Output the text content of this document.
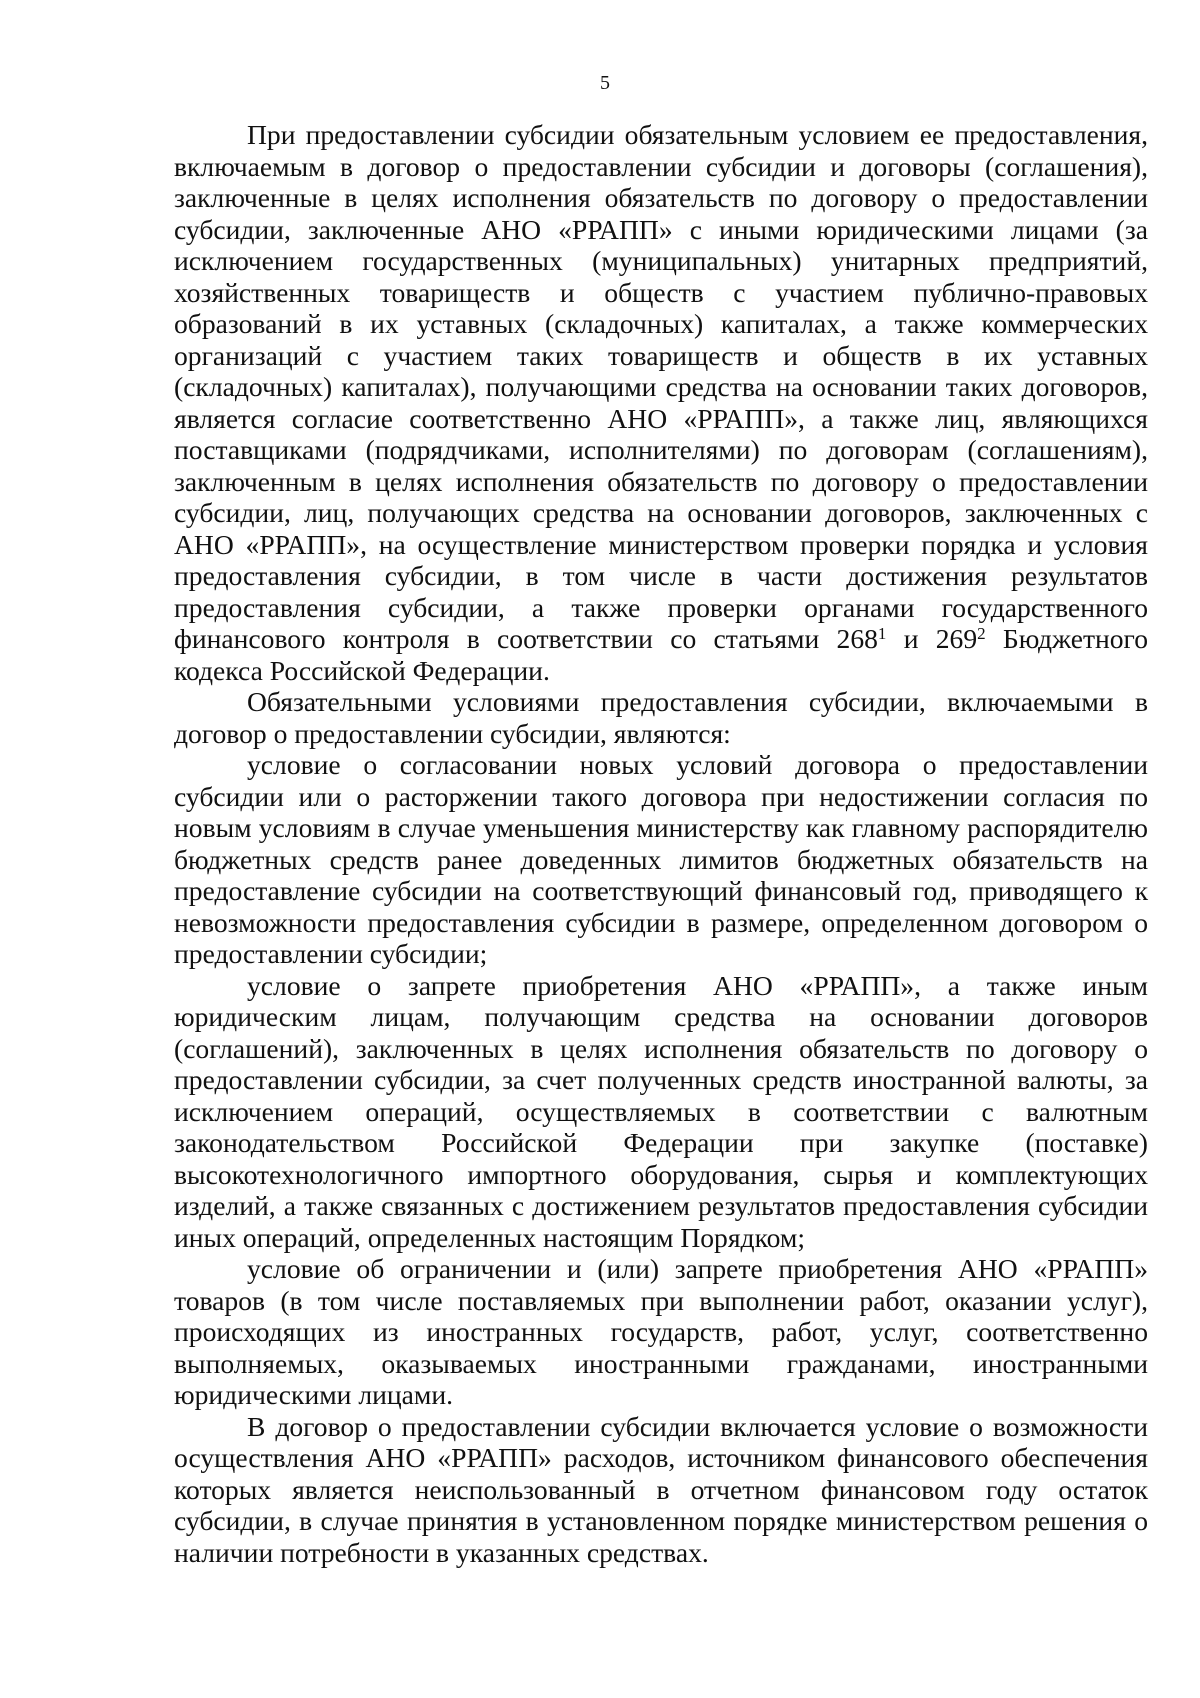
5

При предоставлении субсидии обязательным условием ее предоставления, включаемым в договор о предоставлении субсидии и договоры (соглашения), заключенные в целях исполнения обязательств по договору о предоставлении субсидии, заключенные АНО «РРАПП» с иными юридическими лицами (за исключением государственных (муниципальных) унитарных предприятий, хозяйственных товариществ и обществ с участием публично-правовых образований в их уставных (складочных) капиталах, а также коммерческих организаций с участием таких товариществ и обществ в их уставных (складочных) капиталах), получающими средства на основании таких договоров, является согласие соответственно АНО «РРАПП», а также лиц, являющихся поставщиками (подрядчиками, исполнителями) по договорам (соглашениям), заключенным в целях исполнения обязательств по договору о предоставлении субсидии, лиц, получающих средства на основании договоров, заключенных с АНО «РРАПП», на осуществление министерством проверки порядка и условия предоставления субсидии, в том числе в части достижения результатов предоставления субсидии, а также проверки органами государственного финансового контроля в соответствии со статьями $268^1$ и $269^2$ Бюджетного кодекса Российской Федерации.

Обязательными условиями предоставления субсидии, включаемыми в договор о предоставлении субсидии, являются:

условие о согласовании новых условий договора о предоставлении субсидии или о расторжении такого договора при недостижении согласия по новым условиям в случае уменьшения министерству как главному распорядителю бюджетных средств ранее доведенных лимитов бюджетных обязательств на предоставление субсидии на соответствующий финансовый год, приводящего к невозможности предоставления субсидии в размере, определенном договором о предоставлении субсидии;

условие о запрете приобретения АНО «РРАПП», а также иным юридическим лицам, получающим средства на основании договоров (соглашений), заключенных в целях исполнения обязательств по договору о предоставлении субсидии, за счет полученных средств иностранной валюты, за исключением операций, осуществляемых в соответствии с валютным законодательством Российской Федерации при закупке (поставке) высокотехнологичного импортного оборудования, сырья и комплектующих изделий, а также связанных с достижением результатов предоставления субсидии иных операций, определенных настоящим Порядком;

условие об ограничении и (или) запрете приобретения АНО «РРАПП» товаров (в том числе поставляемых при выполнении работ, оказании услуг), происходящих из иностранных государств, работ, услуг, соответственно выполняемых, оказываемых иностранными гражданами, иностранными юридическими лицами.

В договор о предоставлении субсидии включается условие о возможности осуществления АНО «РРАПП» расходов, источником финансового обеспечения которых является неиспользованный в отчетном финансовом году остаток субсидии, в случае принятия в установленном порядке министерством решения о наличии потребности в указанных средствах.
